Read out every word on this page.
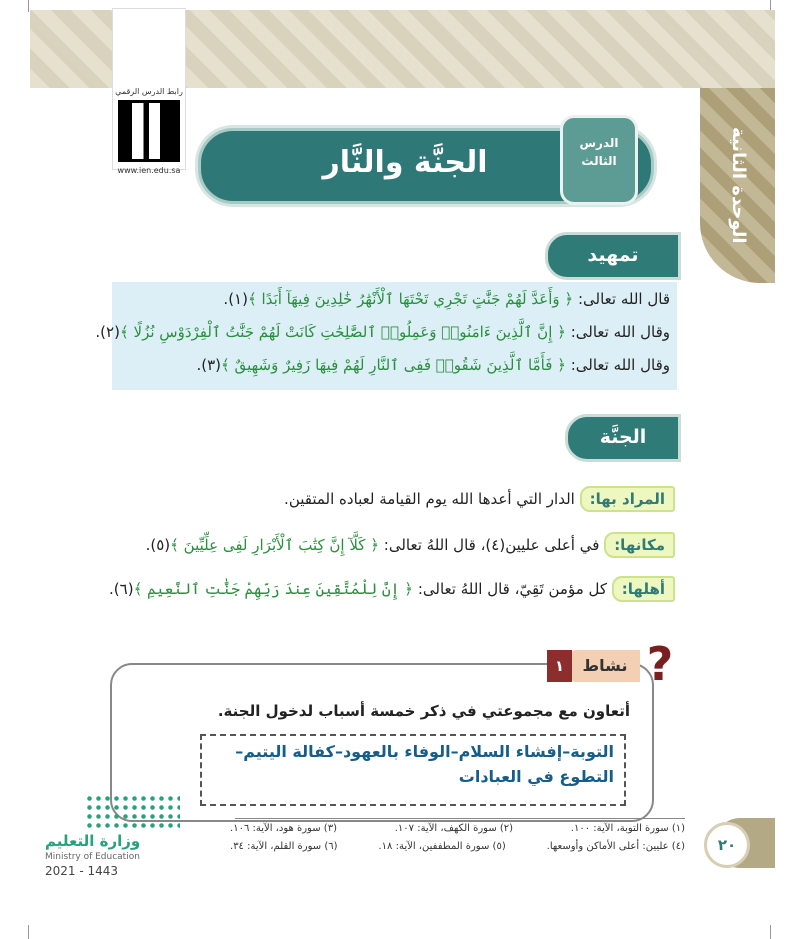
الوحدة الثانية
رابط الدرس الرقمي
www.ien.edu.sa	الجنَّة والنَّار
الدرس
الثالث
تمهيد
قال الله تعالى: ﴿ وَأَعَدَّ لَهُمْ جَنَّٰتٍ تَجْرِي تَحْتَهَا ٱلْأَنْهَٰرُ خَٰلِدِينَ فِيهَآ أَبَدًا ﴾(١).
وقال الله تعالى: ﴿ إِنَّ ٱلَّذِينَ ءَامَنُوا۟ وَعَمِلُوا۟ ٱلصَّٰلِحَٰتِ كَانَتْ لَهُمْ جَنَّٰتُ ٱلْفِرْدَوْسِ نُزُلًا ﴾(٢).
وقال الله تعالى: ﴿ فَأَمَّا ٱلَّذِينَ شَقُوا۟ فَفِى ٱلنَّارِ لَهُمْ فِيهَا زَفِيرٌ وَشَهِيقٌ ﴾(٣).
الجنَّة
المراد بها: الدار التي أعدها الله يوم القيامة لعباده المتقين.
مكانها: في أعلى عليين(٤)، قال اللهُ تعالى: ﴿ كَلَّآ إِنَّ كِتَٰبَ ٱلْأَبْرَارِ لَفِى عِلِّيِّينَ ﴾(٥).
أهلها: كل مؤمن تَقِيّ، قال اللهُ تعالى: ﴿ إِنَّ لِلْمُتَّقِينَ عِندَ رَبِّهِمْ جَنَّٰتِ ٱلنَّعِيمِ ﴾(٦).
نشاط
١ ?
أتعاون مع مجموعتي في ذكر خمسة أسباب لدخول الجنة.
التوبة–إفشاء السلام–الوفاء بالعهود–كفالة اليتيم–
التطوع في العبادات
(١) سورة التوبة، الآية: ١٠٠.
(٢) سورة الكهف، الآية: ١٠٧.
(٣) سورة هود، الآية: ١٠٦.
(٤) عليين: أعلى الأماكن وأوسعها.
(٥) سورة المطففين، الآية: ١٨.
(٦) سورة القلم، الآية: ٣٤.	٢٠
وزارة التعليم
Ministry of Education
2021 - 1443
